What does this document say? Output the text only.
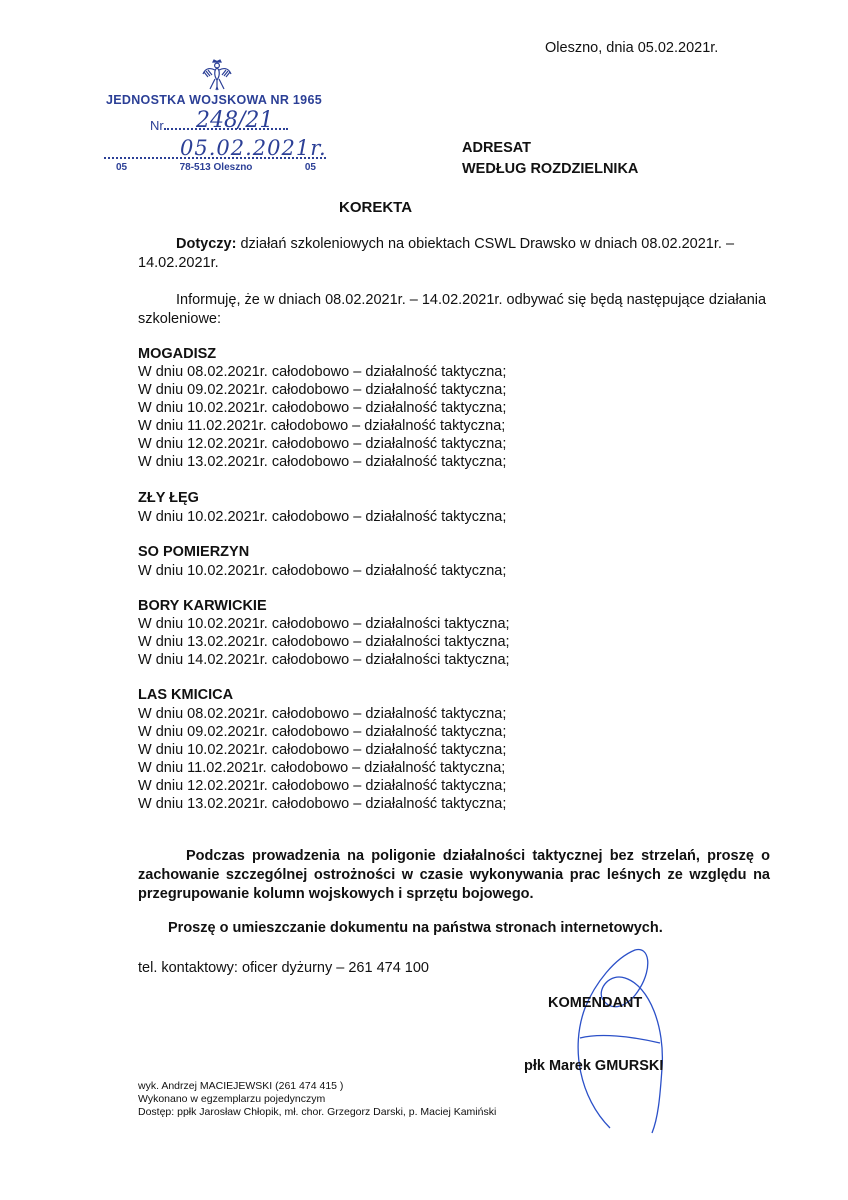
Oleszno, dnia 05.02.2021r.
JEDNOSTKA WOJSKOWA NR 1965
Nr	248/21
05.02.2021r.
05	78-513 Oleszno	05
ADRESAT
WEDŁUG ROZDZIELNIKA
KOREKTA
Dotyczy: działań szkoleniowych na obiektach CSWL Drawsko w dniach 08.02.2021r. – 14.02.2021r.
Informuję, że w dniach 08.02.2021r. – 14.02.2021r. odbywać się będą następujące działania szkoleniowe:
MOGADISZ
W dniu 08.02.2021r. całodobowo – działalność taktyczna;
W dniu 09.02.2021r. całodobowo – działalność taktyczna;
W dniu 10.02.2021r. całodobowo – działalność taktyczna;
W dniu 11.02.2021r. całodobowo – działalność taktyczna;
W dniu 12.02.2021r. całodobowo – działalność taktyczna;
W dniu 13.02.2021r. całodobowo – działalność taktyczna;
ZŁY ŁĘG
W dniu 10.02.2021r. całodobowo – działalność taktyczna;
SO POMIERZYN
W dniu 10.02.2021r. całodobowo – działalność taktyczna;
BORY KARWICKIE
W dniu 10.02.2021r. całodobowo – działalności taktyczna;
W dniu 13.02.2021r. całodobowo – działalności taktyczna;
W dniu 14.02.2021r. całodobowo – działalności taktyczna;
LAS KMICICA
W dniu 08.02.2021r. całodobowo – działalność taktyczna;
W dniu 09.02.2021r. całodobowo – działalność taktyczna;
W dniu 10.02.2021r. całodobowo – działalność taktyczna;
W dniu 11.02.2021r. całodobowo – działalność taktyczna;
W dniu 12.02.2021r. całodobowo – działalność taktyczna;
W dniu 13.02.2021r. całodobowo – działalność taktyczna;
Podczas prowadzenia na poligonie działalności taktycznej bez strzelań, proszę o zachowanie szczególnej ostrożności w czasie wykonywania prac leśnych ze względu na przegrupowanie kolumn wojskowych i sprzętu bojowego.
Proszę o umieszczanie dokumentu na państwa stronach internetowych.
tel. kontaktowy: oficer dyżurny – 261 474 100
KOMENDANT
płk Marek GMURSKI
wyk. Andrzej MACIEJEWSKI (261 474 415 )
Wykonano w egzemplarzu pojedynczym
Dostęp: ppłk Jarosław Chłopik, mł. chor. Grzegorz Darski, p. Maciej Kamiński
